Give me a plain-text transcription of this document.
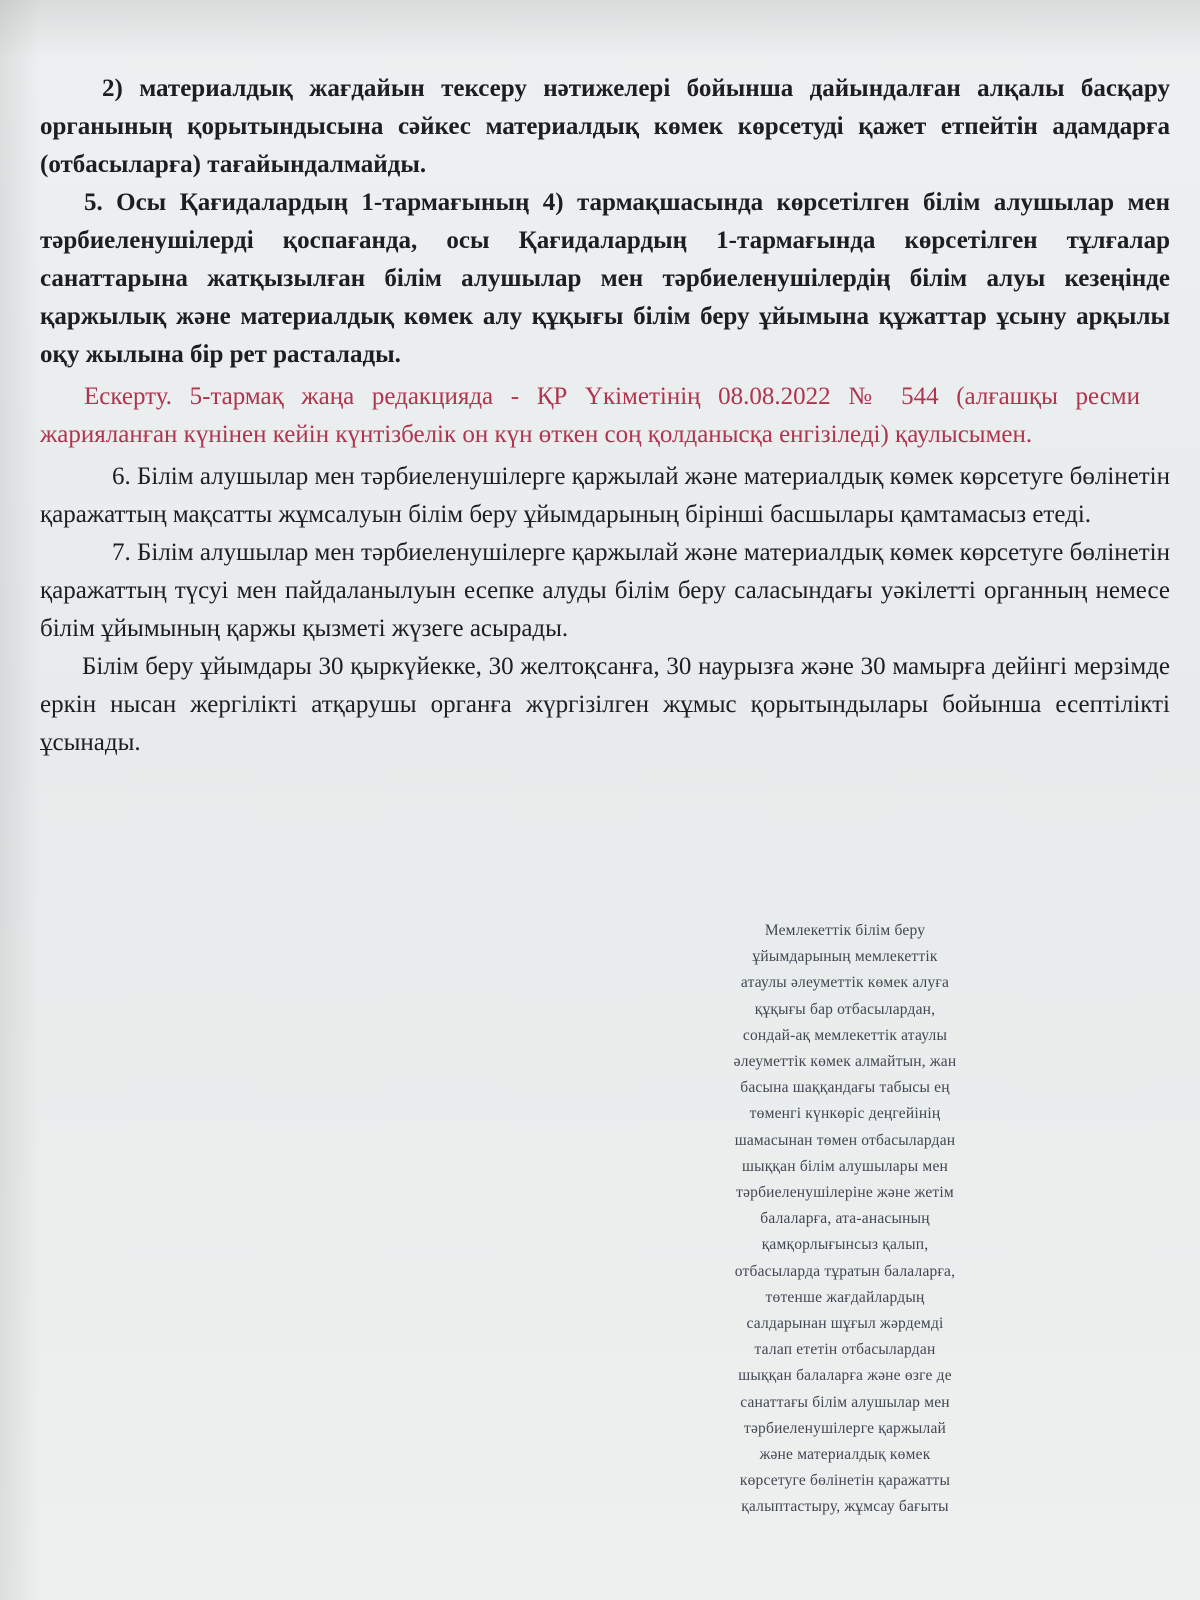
2) материалдық жағдайын тексеру нәтижелері бойынша дайындалған алқалы басқару органының қорытындысына сәйкес материалдық көмек көрсетуді қажет етпейтін адамдарға (отбасыларға) тағайындалмайды.

5. Осы Қағидалардың 1-тармағының 4) тармақшасында көрсетілген білім алушылар мен тәрбиеленушілерді қоспағанда, осы Қағидалардың 1-тармағында көрсетілген тұлғалар санаттарына жатқызылған білім алушылар мен тәрбиеленушілердің білім алуы кезеңінде қаржылық және материалдық көмек алу құқығы білім беру ұйымына құжаттар ұсыну арқылы оқу жылына бір рет расталады.

Ескерту. 5-тармақ жаңа редакцияда - ҚР Үкіметінің 08.08.2022 № 544 (алғашқы ресми жарияланған күнінен кейін күнтізбелік он күн өткен соң қолданысқа енгізіледі) қаулысымен.

6. Білім алушылар мен тәрбиеленушілерге қаржылай және материалдық көмек көрсетуге бөлінетін қаражаттың мақсатты жұмсалуын білім беру ұйымдарының бірінші басшылары қамтамасыз етеді.

7. Білім алушылар мен тәрбиеленушілерге қаржылай және материалдық көмек көрсетуге бөлінетін қаражаттың түсуі мен пайдаланылуын есепке алуды білім беру саласындағы уәкілетті органның немесе білім ұйымының қаржы қызметі жүзеге асырады.

Білім беру ұйымдары 30 қыркүйекке, 30 желтоқсанға, 30 наурызға және 30 мамырға дейінгі мерзімде еркін нысан жергілікті атқарушы органға жүргізілген жұмыс қорытындылары бойынша есептілікті ұсынады.

Мемлекеттік білім беру
ұйымдарының мемлекеттік
атаулы әлеуметтік көмек алуға
құқығы бар отбасылардан,
сондай-ақ мемлекеттік атаулы
әлеуметтік көмек алмайтын, жан
басына шаққандағы табысы ең
төменгі күнкөріс деңгейінің
шамасынан төмен отбасылардан
шыққан білім алушылары мен
тәрбиеленушілеріне және жетім
балаларға, ата-анасының
қамқорлығынсыз қалып,
отбасыларда тұратын балаларға,
төтенше жағдайлардың
салдарынан шұғыл жәрдемді
талап ететін отбасылардан
шыққан балаларға және өзге де
санаттағы білім алушылар мен
тәрбиеленушілерге қаржылай
және материалдық көмек
көрсетуге бөлінетін қаражатты
қалыптастыру, жұмсау бағыты
